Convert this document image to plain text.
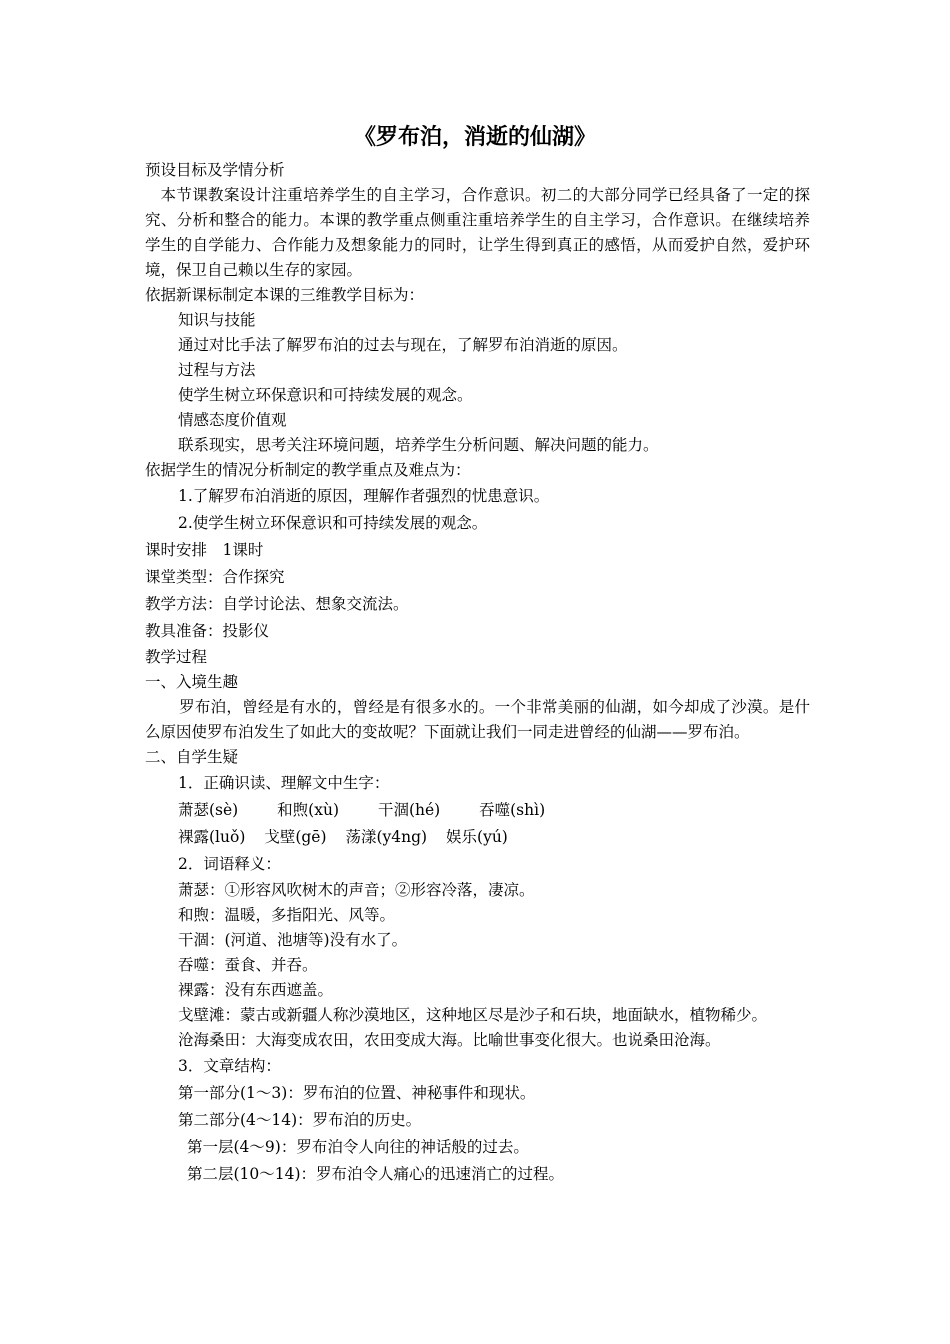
《罗布泊，消逝的仙湖》

预设目标及学情分析

本节课教案设计注重培养学生的自主学习，合作意识。初二的大部分同学已经具备了一定的探究、分析和整合的能力。本课的教学重点侧重注重培养学生的自主学习，合作意识。在继续培养学生的自学能力、合作能力及想象能力的同时，让学生得到真正的感悟，从而爱护自然，爱护环境，保卫自己赖以生存的家园。

依据新课标制定本课的三维教学目标为：

知识与技能

通过对比手法了解罗布泊的过去与现在，了解罗布泊消逝的原因。

过程与方法

使学生树立环保意识和可持续发展的观念。

情感态度价值观

联系现实，思考关注环境问题，培养学生分析问题、解决问题的能力。

依据学生的情况分析制定的教学重点及难点为：

1.了解罗布泊消逝的原因，理解作者强烈的忧患意识。

2.使学生树立环保意识和可持续发展的观念。

课时安排　1课时

课堂类型：合作探究

教学方法：自学讨论法、想象交流法。

教具准备：投影仪

教学过程

一、入境生趣

罗布泊，曾经是有水的，曾经是有很多水的。一个非常美丽的仙湖，如今却成了沙漠。是什么原因使罗布泊发生了如此大的变故呢？下面就让我们一同走进曾经的仙湖——罗布泊。

二、自学生疑

1．正确识读、理解文中生字：

萧瑟(sè)	和煦(xù)	干涸(hé)	吞噬(shì)

裸露(luǒ) 戈壁(gē) 荡漾(y4ng) 娱乐(yú)

2．词语释义：

萧瑟：①形容风吹树木的声音；②形容冷落，凄凉。

和煦：温暖，多指阳光、风等。

干涸：(河道、池塘等)没有水了。

吞噬：蚕食、并吞。

裸露：没有东西遮盖。

戈壁滩：蒙古或新疆人称沙漠地区，这种地区尽是沙子和石块，地面缺水，植物稀少。

沧海桑田：大海变成农田，农田变成大海。比喻世事变化很大。也说桑田沧海。

3．文章结构：

第一部分(1～3)：罗布泊的位置、神秘事件和现状。

第二部分(4～14)：罗布泊的历史。

第一层(4～9)：罗布泊令人向往的神话般的过去。

第二层(10～14)：罗布泊令人痛心的迅速消亡的过程。
